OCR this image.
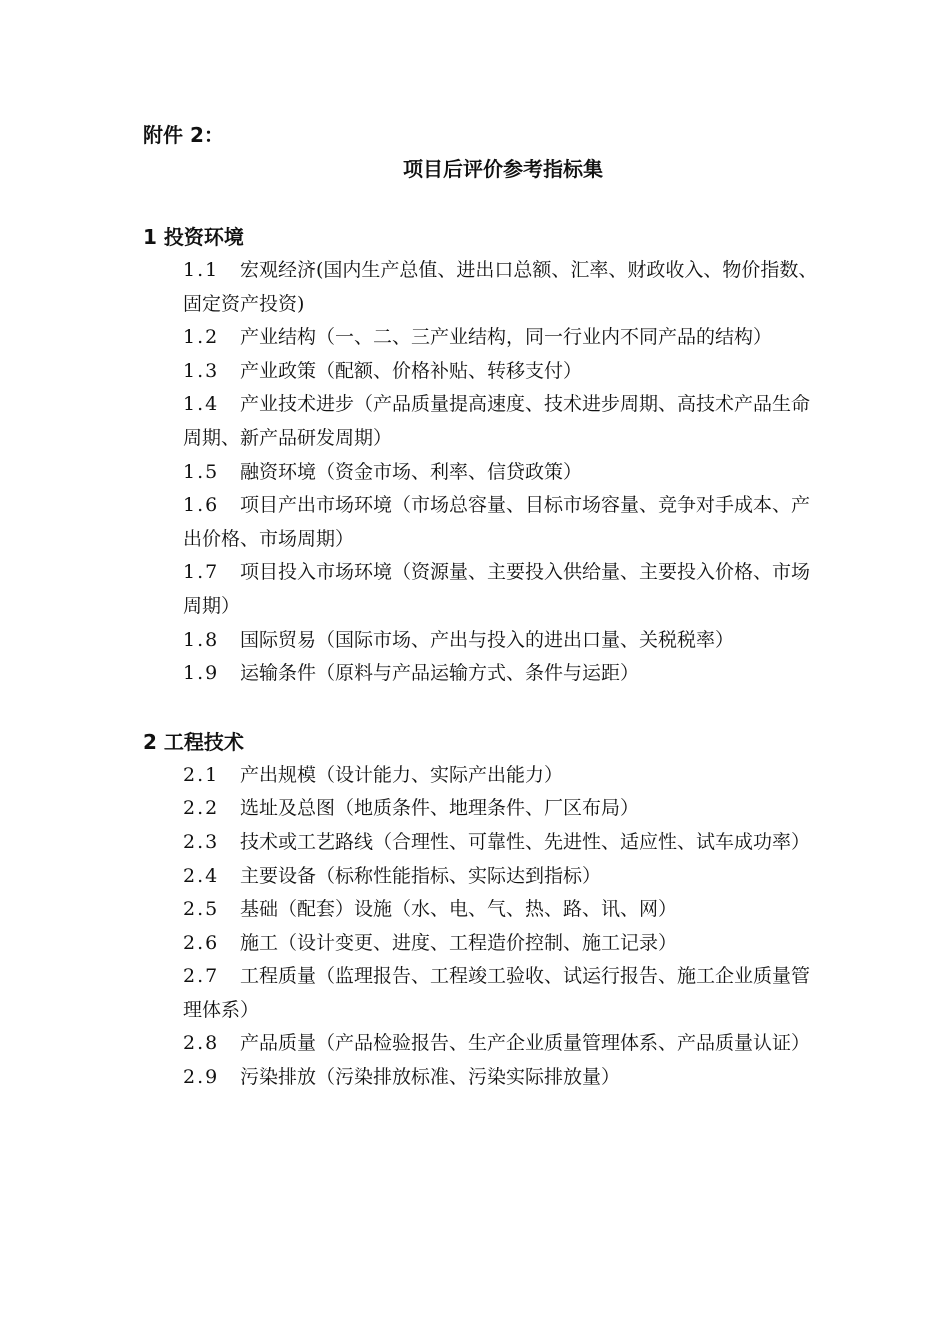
附件 2：

项目后评价参考指标集
1 投资环境
1.1 宏观经济(国内生产总值、进出口总额、汇率、财政收入、物价指数、固定资产投资)
1.2 产业结构（一、二、三产业结构，同一行业内不同产品的结构）
1.3 产业政策（配额、价格补贴、转移支付）
1.4 产业技术进步（产品质量提高速度、技术进步周期、高技术产品生命周期、新产品研发周期）
1.5 融资环境（资金市场、利率、信贷政策）
1.6 项目产出市场环境（市场总容量、目标市场容量、竞争对手成本、产出价格、市场周期）
1.7 项目投入市场环境（资源量、主要投入供给量、主要投入价格、市场周期）
1.8 国际贸易（国际市场、产出与投入的进出口量、关税税率）
1.9 运输条件（原料与产品运输方式、条件与运距）
2 工程技术
2.1 产出规模（设计能力、实际产出能力）
2.2 选址及总图（地质条件、地理条件、厂区布局）
2.3 技术或工艺路线（合理性、可靠性、先进性、适应性、试车成功率）
2.4 主要设备（标称性能指标、实际达到指标）
2.5 基础（配套）设施（水、电、气、热、路、讯、网）
2.6 施工（设计变更、进度、工程造价控制、施工记录）
2.7 工程质量（监理报告、工程竣工验收、试运行报告、施工企业质量管理体系）
2.8 产品质量（产品检验报告、生产企业质量管理体系、产品质量认证）
2.9 污染排放（污染排放标准、污染实际排放量）
